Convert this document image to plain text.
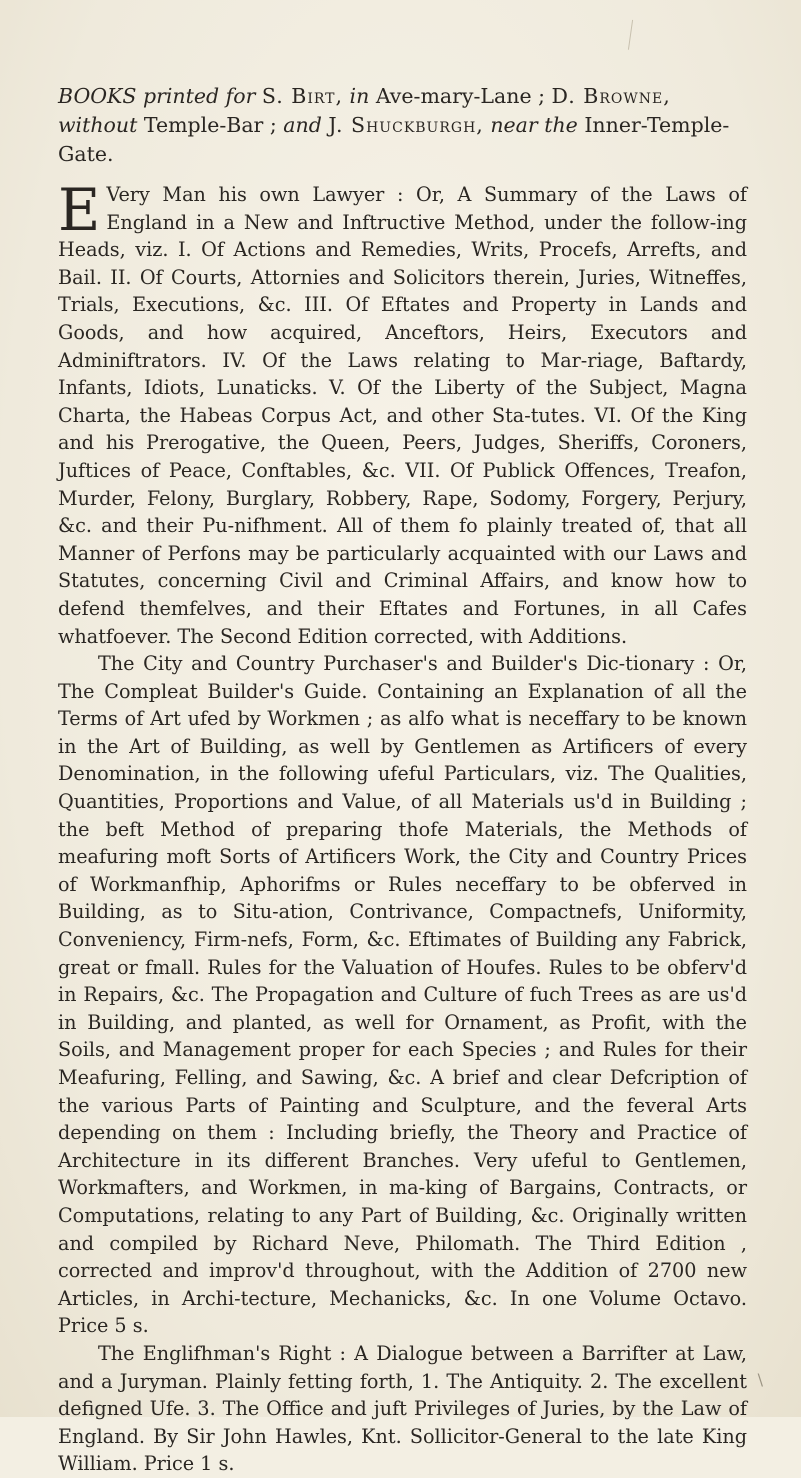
BOOKS printed for S. Birt, in Ave-mary-Lane ; D. Browne, without Temple-Bar ; and J. Shuckburgh, near the Inner-Temple-Gate.
E Very Man his own Lawyer : Or, A Summary of the Laws of England in a New and Inftructive Method, under the follow-ing Heads, viz. I. Of Actions and Remedies, Writs, Procefs, Arrefts, and Bail. II. Of Courts, Attornies and Solicitors therein, Juries, Witneffes, Trials, Executions, &c. III. Of Eftates and Property in Lands and Goods, and how acquired, Anceftors, Heirs, Executors and Adminiftrators. IV. Of the Laws relating to Mar-riage, Baftardy, Infants, Idiots, Lunaticks. V. Of the Liberty of the Subject, Magna Charta, the Habeas Corpus Act, and other Sta-tutes. VI. Of the King and his Prerogative, the Queen, Peers, Judges, Sheriffs, Coroners, Juftices of Peace, Conftables, &c. VII. Of Publick Offences, Treafon, Murder, Felony, Burglary, Robbery, Rape, Sodomy, Forgery, Perjury, &c. and their Pu-nifhment. All of them fo plainly treated of, that all Manner of Perfons may be particularly acquainted with our Laws and Statutes, concerning Civil and Criminal Affairs, and know how to defend themfelves, and their Eftates and Fortunes, in all Cafes whatfoever. The Second Edition corrected, with Additions.
The City and Country Purchaser's and Builder's Dic-tionary : Or, The Compleat Builder's Guide. Containing an Explanation of all the Terms of Art ufed by Workmen ; as alfo what is neceffary to be known in the Art of Building, as well by Gentlemen as Artificers of every Denomination, in the following ufeful Particulars, viz. The Qualities, Quantities, Proportions and Value, of all Materials us'd in Building ; the beft Method of preparing thofe Materials, the Methods of meafuring moft Sorts of Artificers Work, the City and Country Prices of Workmanfhip, Aphorifms or Rules neceffary to be obferved in Building, as to Situ-ation, Contrivance, Compactnefs, Uniformity, Conveniency, Firm-nefs, Form, &c. Eftimates of Building any Fabrick, great or fmall. Rules for the Valuation of Houfes. Rules to be obferv'd in Repairs, &c. The Propagation and Culture of fuch Trees as are us'd in Building, and planted, as well for Ornament, as Profit, with the Soils, and Management proper for each Species ; and Rules for their Meafuring, Felling, and Sawing, &c. A brief and clear Defcription of the various Parts of Painting and Sculpture, and the feveral Arts depending on them : Including briefly, the Theory and Practice of Architecture in its different Branches. Very ufeful to Gentlemen, Workmafters, and Workmen, in ma-king of Bargains, Contracts, or Computations, relating to any Part of Building, &c. Originally written and compiled by Richard Neve, Philomath. The Third Edition , corrected and improv'd throughout, with the Addition of 2700 new Articles, in Archi-tecture, Mechanicks, &c. In one Volume Octavo. Price 5 s.
The Englifhman's Right : A Dialogue between a Barrifter at Law, and a Juryman. Plainly fetting forth, 1. The Antiquity. 2. The excellent defigned Ufe. 3. The Office and juft Privileges of Juries, by the Law of England. By Sir John Hawles, Knt. Sollicitor-General to the late King William. Price 1 s.
\
